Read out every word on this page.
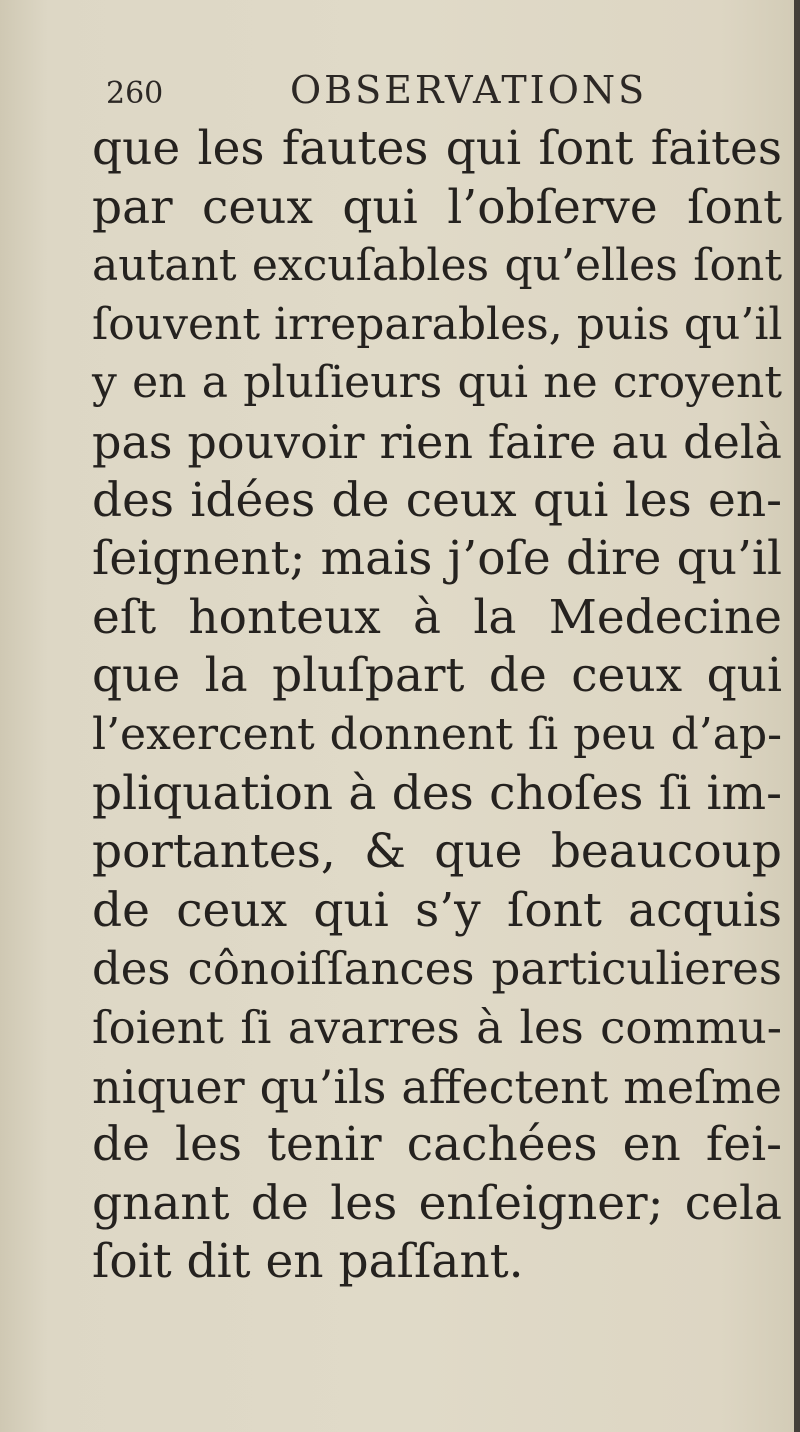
260	OBSERVATIONS
que les fautes qui ſont faites
par ceux qui l’obſerve ſont
autant excuſables qu’elles ſont
ſouvent irreparables, puis qu’il
y en a pluſieurs qui ne croyent
pas pouvoir rien faire au delà
des idées de ceux qui les en-
ſeignent; mais j’oſe dire qu’il
eſt honteux à la Medecine
que la pluſpart de ceux qui
l’exercent donnent ſi peu d’ap-
pliquation à des choſes ſi im-
portantes, & que beaucoup
de ceux qui s’y ſont acquis
des cônoiſſances particulieres
ſoient ſi avarres à les commu-
niquer qu’ils affectent meſme
de les tenir cachées en fei-
gnant de les enſeigner; cela
ſoit dit en paſſant.
